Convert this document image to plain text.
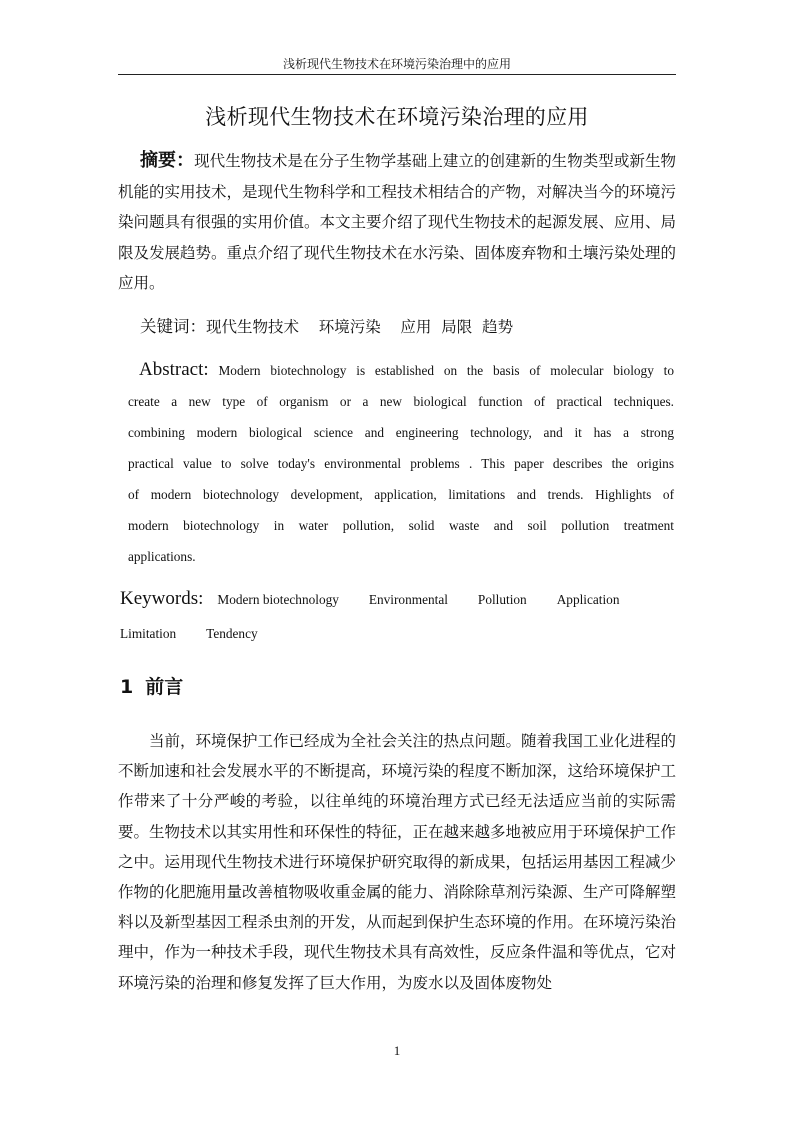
浅析现代生物技术在环境污染治理中的应用
浅析现代生物技术在环境污染治理的应用

摘要：现代生物技术是在分子生物学基础上建立的创建新的生物类型或新生物机能的实用技术，是现代生物科学和工程技术相结合的产物，对解决当今的环境污染问题具有很强的实用价值。本文主要介绍了现代生物技术的起源发展、应用、局限及发展趋势。重点介绍了现代生物技术在水污染、固体废弃物和土壤污染处理的应用。

关键词：现代生物技术    环境污染    应用  局限  趋势

Abstract: Modern biotechnology is established on the basis of molecular biology to create a new type of organism or a new biological function of practical techniques. combining modern biological science and engineering technology, and it has a strong practical value to solve today's environmental problems . This paper describes the origins of modern biotechnology development, application, limitations and trends. Highlights of modern biotechnology in water pollution, solid waste and soil pollution treatment applications.

Keywords: Modern biotechnology Environmental Pollution Application
Limitation Tendency

1 前言

当前，环境保护工作已经成为全社会关注的热点问题。随着我国工业化进程的不断加速和社会发展水平的不断提高，环境污染的程度不断加深，这给环境保护工作带来了十分严峻的考验，以往单纯的环境治理方式已经无法适应当前的实际需要。生物技术以其实用性和环保性的特征，正在越来越多地被应用于环境保护工作之中。运用现代生物技术进行环境保护研究取得的新成果，包括运用基因工程减少作物的化肥施用量改善植物吸收重金属的能力、消除除草剂污染源、生产可降解塑料以及新型基因工程杀虫剂的开发，从而起到保护生态环境的作用。在环境污染治理中，作为一种技术手段，现代生物技术具有高效性，反应条件温和等优点，它对环境污染的治理和修复发挥了巨大作用，为废水以及固体废物处

1
